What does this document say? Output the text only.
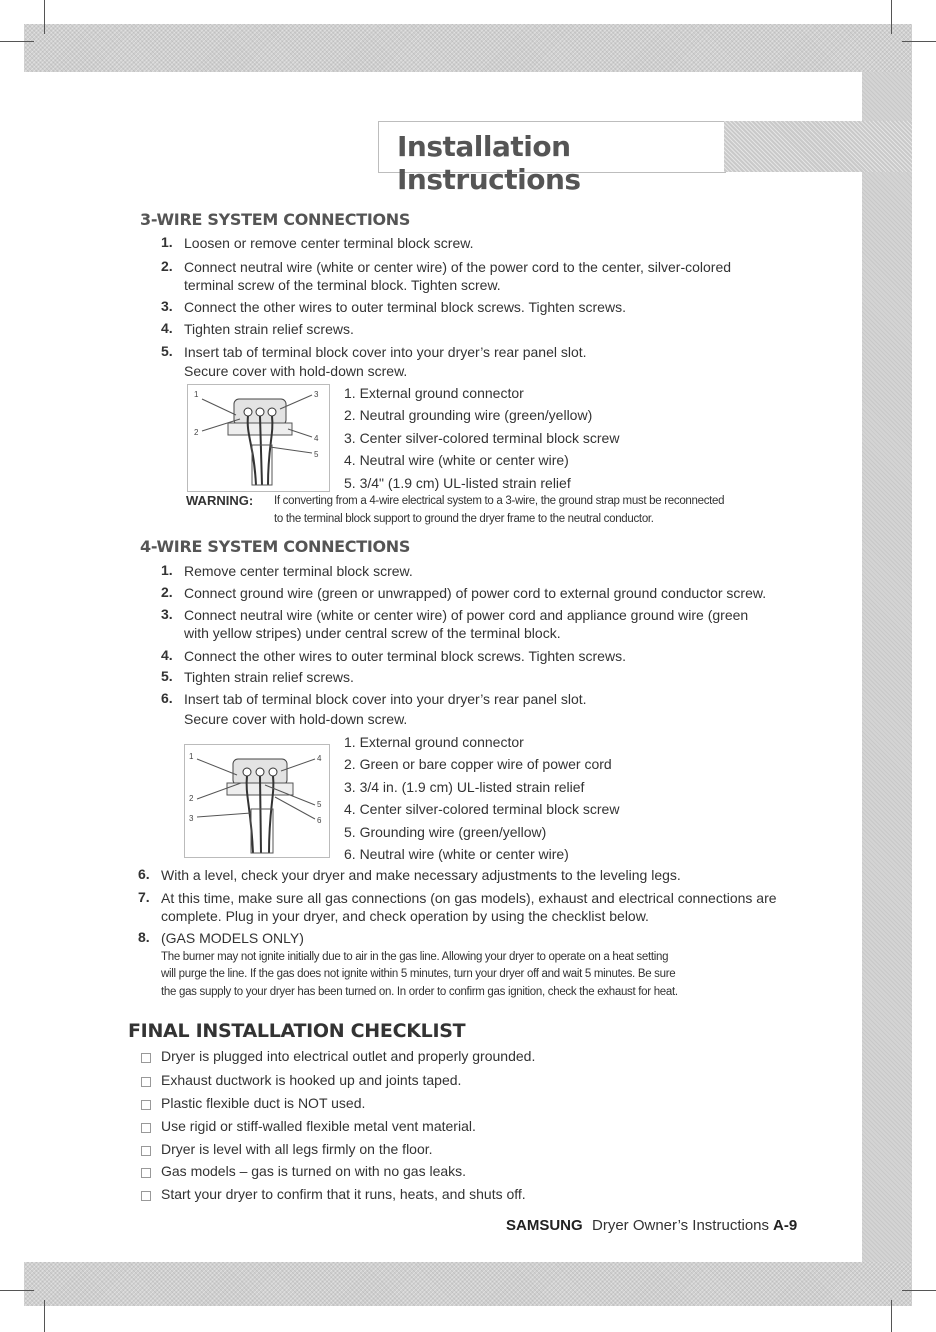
Installation Instructions
3-WIRE SYSTEM CONNECTIONS
1. Loosen or remove center terminal block screw.
2. Connect neutral wire (white or center wire) of the power cord to the center, silver-colored
terminal screw of the terminal block. Tighten screw.
3. Connect the other wires to outer terminal block screws. Tighten screws.
4. Tighten strain relief screws.
5. Insert tab of terminal block cover into your dryer’s rear panel slot.
Secure cover with hold-down screw.
1
2
3
4
5
1. External ground connector
2. Neutral grounding wire (green/yellow)
3. Center silver-colored terminal block screw
4. Neutral wire (white or center wire)
5. 3/4" (1.9 cm) UL-listed strain relief
WARNING: If converting from a 4-wire electrical system to a 3-wire, the ground strap must be reconnected
to the terminal block support to ground the dryer frame to the neutral conductor.
4-WIRE SYSTEM CONNECTIONS
1. Remove center terminal block screw.
2. Connect ground wire (green or unwrapped) of power cord to external ground conductor screw.
3. Connect neutral wire (white or center wire) of power cord and appliance ground wire (green
with yellow stripes) under central screw of the terminal block.
4. Connect the other wires to outer terminal block screws. Tighten screws.
5. Tighten strain relief screws.
6. Insert tab of terminal block cover into your dryer’s rear panel slot.
Secure cover with hold-down screw.
1
2
3
4
5
6
1. External ground connector
2. Green or bare copper wire of power cord
3. 3/4 in. (1.9 cm) UL-listed strain relief
4. Center silver-colored terminal block screw
5. Grounding wire (green/yellow)
6. Neutral wire (white or center wire)
6. With a level, check your dryer and make necessary adjustments to the leveling legs.
7. At this time, make sure all gas connections (on gas models), exhaust and electrical connections are
complete. Plug in your dryer, and check operation by using the checklist below.
8. (GAS MODELS ONLY)
The burner may not ignite initially due to air in the gas line. Allowing your dryer to operate on a heat setting
will purge the line. If the gas does not ignite within 5 minutes, turn your dryer off and wait 5 minutes. Be sure
the gas supply to your dryer has been turned on. In order to confirm gas ignition, check the exhaust for heat.
FINAL INSTALLATION CHECKLIST
Dryer is plugged into electrical outlet and properly grounded.
Exhaust ductwork is hooked up and joints taped.
Plastic flexible duct is NOT used.
Use rigid or stiff-walled flexible metal vent material.
Dryer is level with all legs firmly on the floor.
Gas models – gas is turned on with no gas leaks.
Start your dryer to confirm that it runs, heats, and shuts off.
SAMSUNG Dryer Owner’s Instructions A-9
